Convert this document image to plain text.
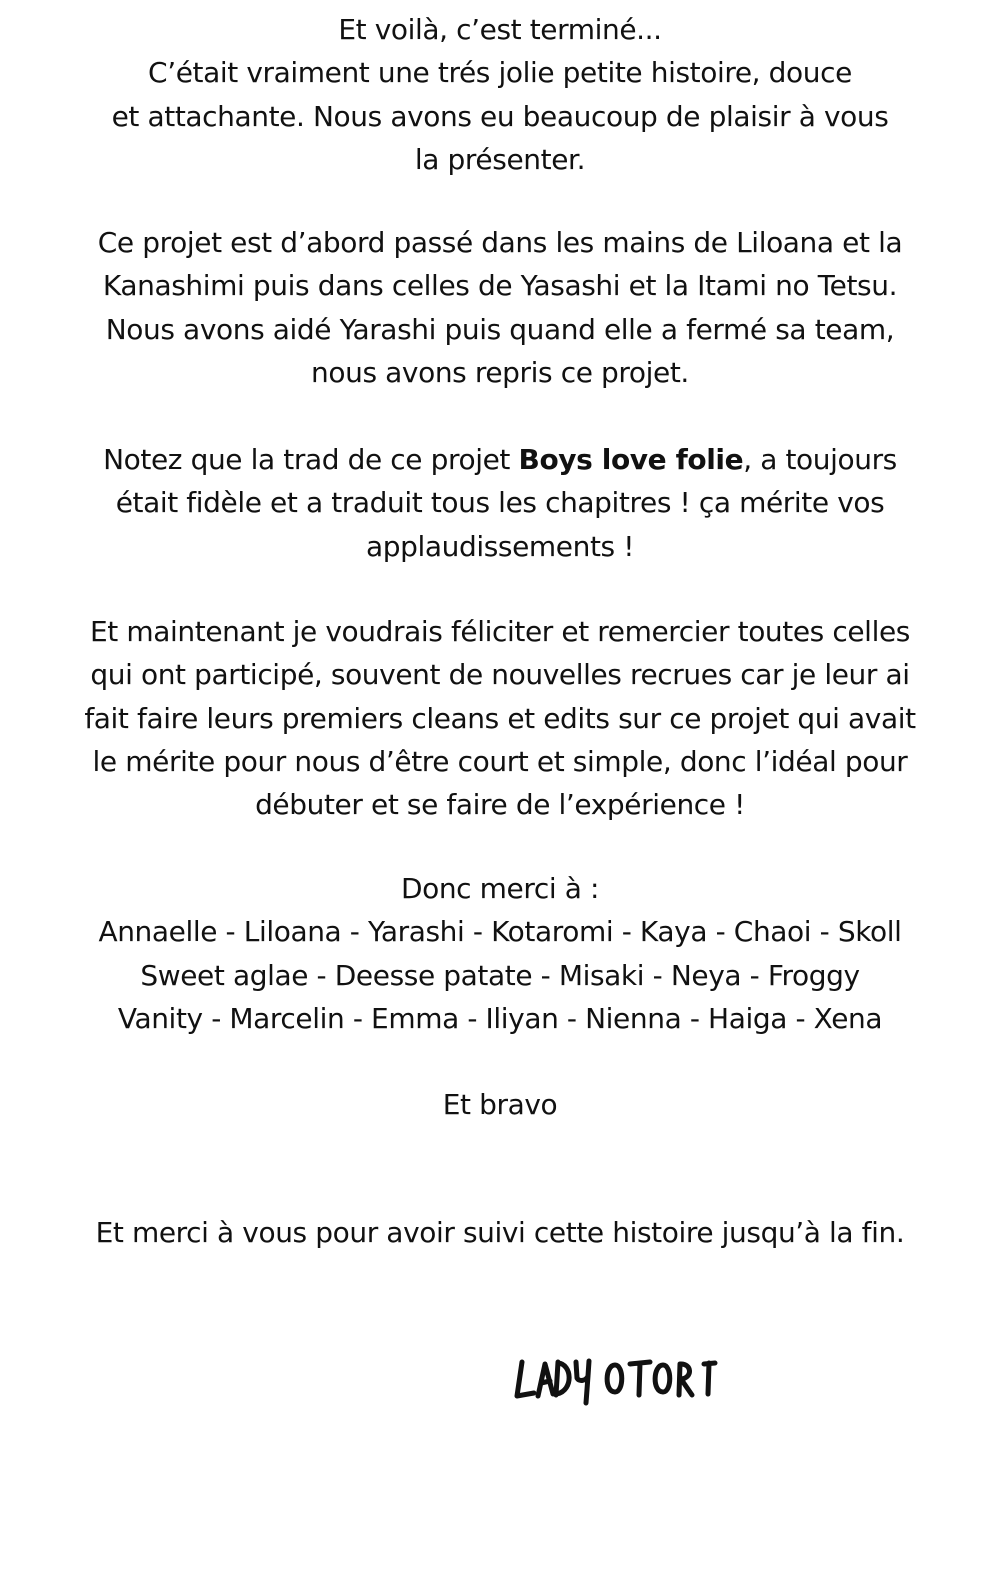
Et voilà, c’est terminé...
C’était vraiment une trés jolie petite histoire, douce
et attachante. Nous avons eu beaucoup de plaisir à vous
la présenter.
Ce projet est d’abord passé dans les mains de Liloana et la
Kanashimi puis dans celles de Yasashi et la Itami no Tetsu.
Nous avons aidé Yarashi puis quand elle a fermé sa team,
nous avons repris ce projet.
Notez que la trad de ce projet Boys love folie, a toujours
était fidèle et a traduit tous les chapitres ! ça mérite vos
applaudissements !
Et maintenant je voudrais féliciter et remercier toutes celles
qui ont participé, souvent de nouvelles recrues car je leur ai
fait faire leurs premiers cleans et edits sur ce projet qui avait
le mérite pour nous d’être court et simple, donc l’idéal pour
débuter et se faire de l’expérience !
Donc merci à :
Annaelle - Liloana - Yarashi - Kotaromi - Kaya - Chaoi - Skoll
Sweet aglae - Deesse patate - Misaki - Neya - Froggy
Vanity - Marcelin - Emma - Iliyan - Nienna - Haiga - Xena
Et bravo
Et merci à vous pour avoir suivi cette histoire jusqu’à la fin.
